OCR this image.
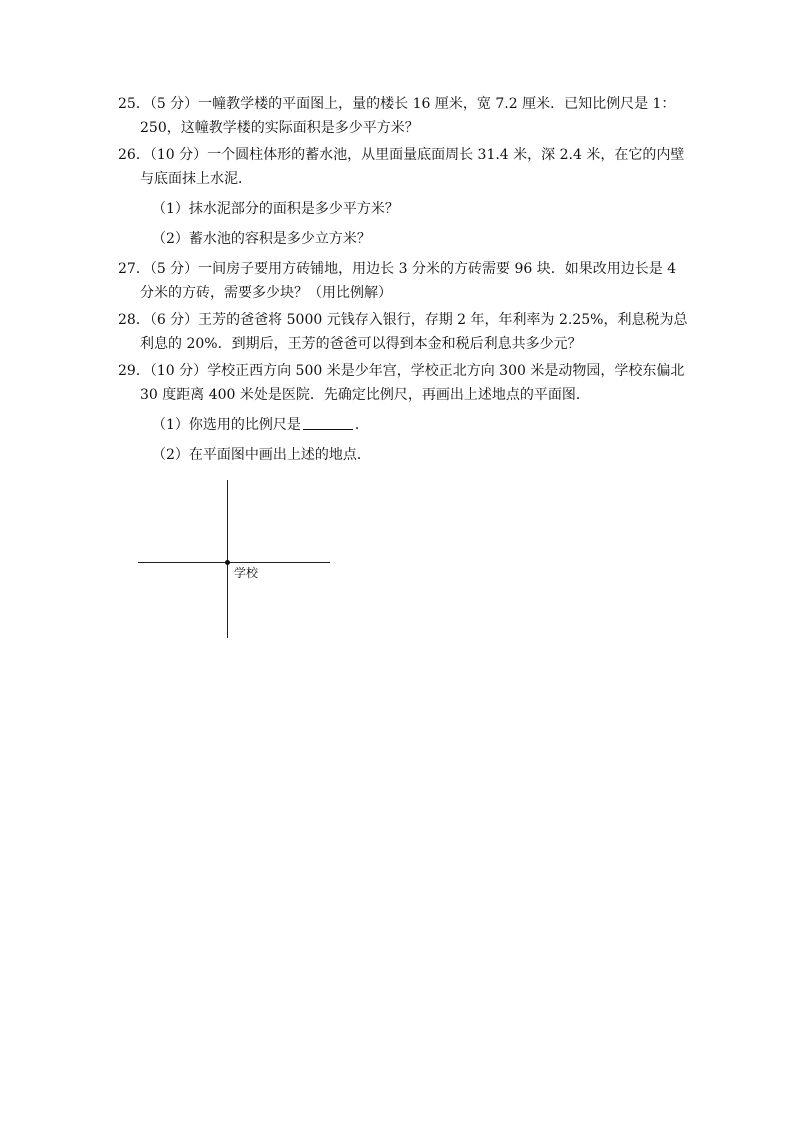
25．（5 分）一幢教学楼的平面图上，量的楼长 16 厘米，宽 7.2 厘米．已知比例尺是 1：250，这幢教学楼的实际面积是多少平方米？
26．（10 分）一个圆柱体形的蓄水池，从里面量底面周长 31.4 米，深 2.4 米，在它的内壁与底面抹上水泥．
（1）抹水泥部分的面积是多少平方米？
（2）蓄水池的容积是多少立方米？
27．（5 分）一间房子要用方砖铺地，用边长 3 分米的方砖需要 96 块．如果改用边长是 4 分米的方砖，需要多少块？（用比例解）
28．（6 分）王芳的爸爸将 5000 元钱存入银行，存期 2 年，年利率为 2.25%，利息税为总利息的 20%．到期后，王芳的爸爸可以得到本金和税后利息共多少元？
29．（10 分）学校正西方向 500 米是少年宫，学校正北方向 300 米是动物园，学校东偏北 30 度距离 400 米处是医院．先确定比例尺，再画出上述地点的平面图．
（1）你选用的比例尺是	．
（2）在平面图中画出上述的地点．
学校
